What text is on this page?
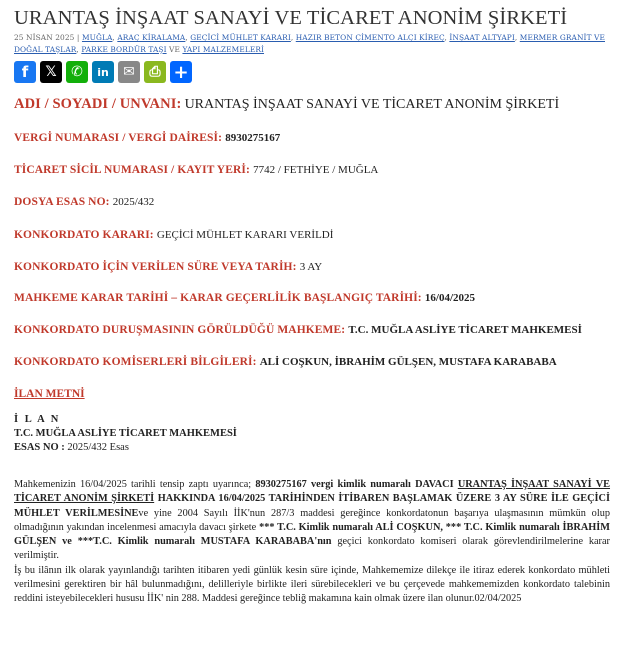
URANTAŞ İNŞAAT SANAYİ VE TİCARET ANONİM ŞİRKETİ
25 NİSAN 2025 | MUĞLA, ARAÇ KİRALAMA, GEÇİCİ MÜHLET KARARI, HAZIR BETON ÇİMENTO ALÇI KİREÇ, İNŞAAT ALTYAPI, MERMER GRANİT VE DOĞAL TAŞLAR, PARKE BORDÜR TAŞI VE YAPI MALZEMELERİ
f 𝕏 ✆ in ✉ ⎙ +
ADI / SOYADI / UNVANI: URANTAŞ İNŞAAT SANAYİ VE TİCARET ANONİM ŞİRKETİ
VERGİ NUMARASI / VERGİ DAİRESİ: 8930275167
TİCARET SİCİL NUMARASI / KAYIT YERİ: 7742 / FETHİYE / MUĞLA
DOSYA ESAS NO: 2025/432
KONKORDATO KARARI: GEÇİCİ MÜHLET KARARI VERİLDİ
KONKORDATO İÇİN VERİLEN SÜRE VEYA TARİH: 3 AY
MAHKEME KARAR TARİHİ – KARAR GEÇERLİLİK BAŞLANGIÇ TARİHİ: 16/04/2025
KONKORDATO DURUŞMASININ GÖRÜLDÜĞÜ MAHKEME: T.C. MUĞLA ASLİYE TİCARET MAHKEMESİ
KONKORDATO KOMİSERLERİ BİLGİLERİ: ALİ COŞKUN, İBRAHİM GÜLŞEN, MUSTAFA KARABABA
İLAN METNİ
İ L A N
T.C. MUĞLA ASLİYE TİCARET MAHKEMESİ
ESAS NO : 2025/432 Esas

Mahkemenizin 16/04/2025 tarihli tensip zaptı uyarınca; 8930275167 vergi kimlik numaralı DAVACI URANTAŞ İNŞAAT SANAYİ VE TİCARET ANONİM ŞİRKETİ HAKKINDA 16/04/2025 TARİHİNDEN İTİBAREN BAŞLAMAK ÜZERE 3 AY SÜRE İLE GEÇİCİ MÜHLET VERİLMESİNEve yine 2004 Sayılı İİK'nun 287/3 maddesi gereğince konkordatonun başarıya ulaşmasının mümkün olup olmadığının yakından incelenmesi amacıyla davacı şirkete *** T.C. Kimlik numaralı ALİ COŞKUN, *** T.C. Kimlik numaralı İBRAHİM GÜLŞEN ve ***T.C. Kimlik numaralı MUSTAFA KARABABA'nın geçici konkordato komiseri olarak görevlendirilmelerine karar verilmiştir.

İş bu ilânın ilk olarak yayınlandığı tarihten itibaren yedi günlük kesin süre içinde, Mahkememize dilekçe ile itiraz ederek konkordato mühleti verilmesini gerektiren bir hâl bulunmadığını, delilleriyle birlikte ileri sürebilecekleri ve bu çerçevede mahkememizden konkordato talebinin reddini isteyebilecekleri hususu İİK' nin 288. Maddesi gereğince tebliğ makamına kain olmak üzere ilan olunur.02/04/2025
